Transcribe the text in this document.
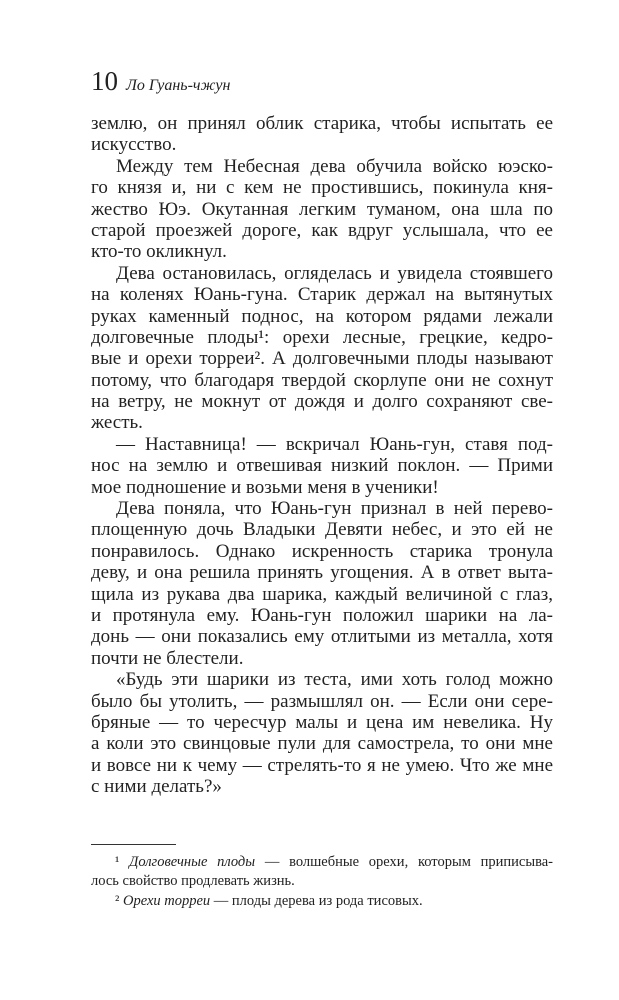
10 Ло Гуань-чжун
землю, он принял облик старика, чтобы испытать ее
искусство.
Между тем Небесная дева обучила войско юэско-
го князя и, ни с кем не простившись, покинула кня-
жество Юэ. Окутанная легким туманом, она шла по
старой проезжей дороге, как вдруг услышала, что ее
кто-то окликнул.
Дева остановилась, огляделась и увидела стоявшего
на коленях Юань-гуна. Старик держал на вытянутых
руках каменный поднос, на котором рядами лежали
долговечные плоды¹: орехи лесные, грецкие, кедро-
вые и орехи торреи². А долговечными плоды называют
потому, что благодаря твердой скорлупе они не сохнут
на ветру, не мокнут от дождя и долго сохраняют све-
жесть.
— Наставница! — вскричал Юань-гун, ставя под-
нос на землю и отвешивая низкий поклон. — Прими
мое подношение и возьми меня в ученики!
Дева поняла, что Юань-гун признал в ней перево-
площенную дочь Владыки Девяти небес, и это ей не
понравилось. Однако искренность старика тронула
деву, и она решила принять угощения. А в ответ выта-
щила из рукава два шарика, каждый величиной с глаз,
и протянула ему. Юань-гун положил шарики на ла-
донь — они показались ему отлитыми из металла, хотя
почти не блестели.
«Будь эти шарики из теста, ими хоть голод можно
было бы утолить, — размышлял он. — Если они сере-
бряные — то чересчур малы и цена им невелика. Ну
а коли это свинцовые пули для самострела, то они мне
и вовсе ни к чему — стрелять-то я не умею. Что же мне
с ними делать?»
¹ Долговечные плоды — волшебные орехи, которым приписыва-
лось свойство продлевать жизнь.
² Орехи торреи — плоды дерева из рода тисовых.
